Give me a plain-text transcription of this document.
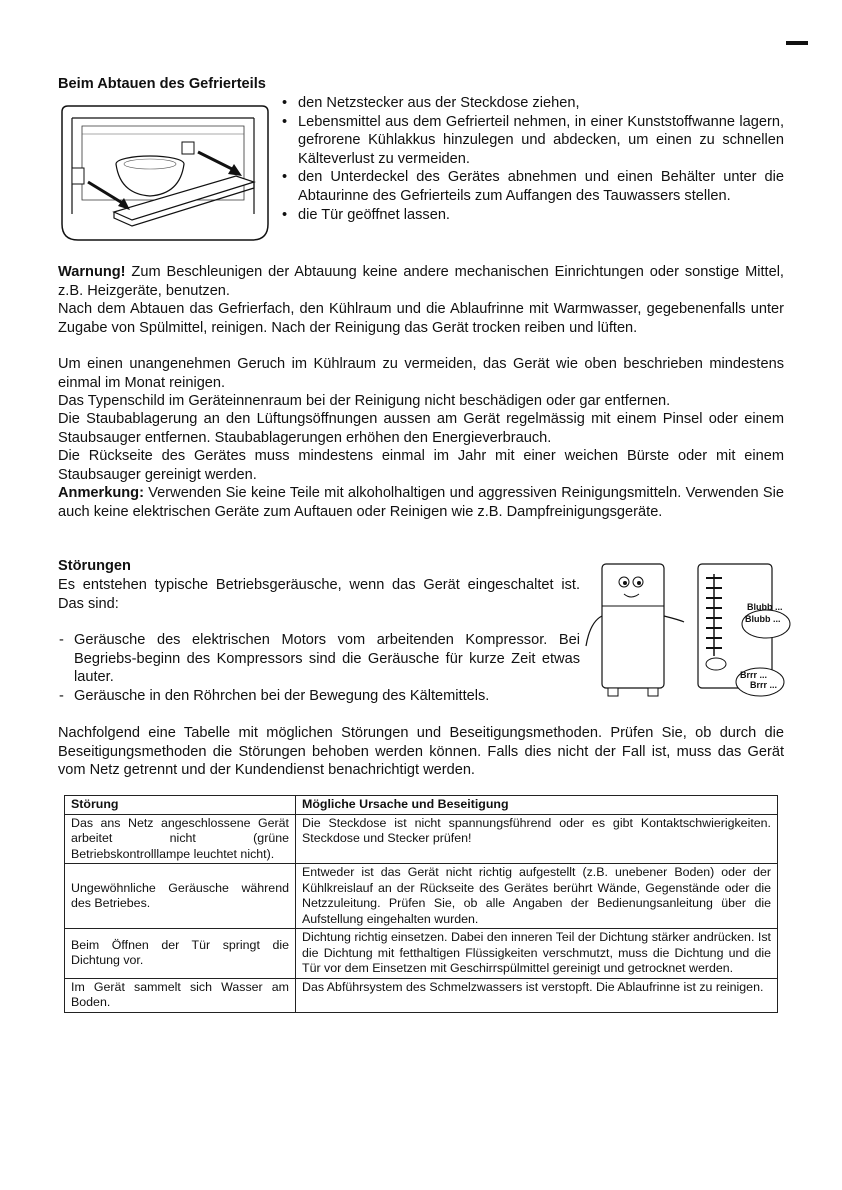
Beim Abtauen des Gefrierteils
• den Netzstecker aus der Steckdose ziehen,
• Lebensmittel aus dem Gefrierteil nehmen, in einer Kunststoffwanne lagern, gefrorene Kühlakkus hinzulegen und abdecken, um einen zu schnellen Kälteverlust zu vermeiden.
• den Unterdeckel des Gerätes abnehmen und einen Behälter unter die Abtaurinne des Gefrierteils zum Auffangen des Tauwassers stellen.
• die Tür geöffnet lassen.

Warnung! Zum Beschleunigen der Abtauung keine andere mechanischen Einrichtungen oder sonstige Mittel, z.B. Heizgeräte, benutzen.

Nach dem Abtauen das Gefrierfach, den Kühlraum und die Ablaufrinne mit Warmwasser, gegebenenfalls unter Zugabe von Spülmittel, reinigen. Nach der Reinigung das Gerät trocken reiben und lüften.

Um einen unangenehmen Geruch im Kühlraum zu vermeiden, das Gerät wie oben beschrieben mindestens einmal im Monat reinigen.

Das Typenschild im Geräteinnenraum bei der Reinigung nicht beschädigen oder gar entfernen.

Die Staubablagerung an den Lüftungsöffnungen aussen am Gerät regelmässig mit einem Pinsel oder einem Staubsauger entfernen. Staubablagerungen erhöhen den Energieverbrauch.

Die Rückseite des Gerätes muss mindestens einmal im Jahr mit einer weichen Bürste oder mit einem Staubsauger gereinigt werden.

Anmerkung: Verwenden Sie keine Teile mit alkoholhaltigen und aggressiven Reinigungsmitteln. Verwenden Sie auch keine elektrischen Geräte zum Auftauen oder Reinigen wie z.B. Dampfreinigungsgeräte.

Störungen

Es entstehen typische Betriebsgeräusche, wenn das Gerät eingeschaltet ist. Das sind:

- Geräusche des elektrischen Motors vom arbeitenden Kompressor. Bei Begriebs-beginn des Kompressors sind die Geräusche für kurze Zeit etwas lauter.
- Geräusche in den Röhrchen bei der Bewegung des Kältemittels.
Blubb ...
Blubb ...
Brrr ...
Brrr ...

Nachfolgend eine Tabelle mit möglichen Störungen und Beseitigungsmethoden. Prüfen Sie, ob durch die Beseitigungsmethoden die Störungen behoben werden können. Falls dies nicht der Fall ist, muss das Gerät vom Netz getrennt und der Kundendienst benachrichtigt werden.

Störung	Mögliche Ursache und Beseitigung
Das ans Netz angeschlossene Gerät arbeitet nicht (grüne Betriebskontrolllampe leuchtet nicht).	Die Steckdose ist nicht spannungsführend oder es gibt Kontaktschwierigkeiten. Steckdose und Stecker prüfen!
Ungewöhnliche Geräusche während des Betriebes.	Entweder ist das Gerät nicht richtig aufgestellt (z.B. unebener Boden) oder der Kühlkreislauf an der Rückseite des Gerätes berührt Wände, Gegenstände oder die Netzzuleitung. Prüfen Sie, ob alle Angaben der Bedienungsanleitung über die Aufstellung eingehalten wurden.
Beim Öffnen der Tür springt die Dichtung vor.	Dichtung richtig einsetzen. Dabei den inneren Teil der Dichtung stärker andrücken. Ist die Dichtung mit fetthaltigen Flüssigkeiten verschmutzt, muss die Dichtung und die Tür vor dem Einsetzen mit Geschirrspülmittel gereinigt und getrocknet werden.
Im Gerät sammelt sich Wasser am Boden.	Das Abführsystem des Schmelzwassers ist verstopft. Die Ablaufrinne ist zu reinigen.
